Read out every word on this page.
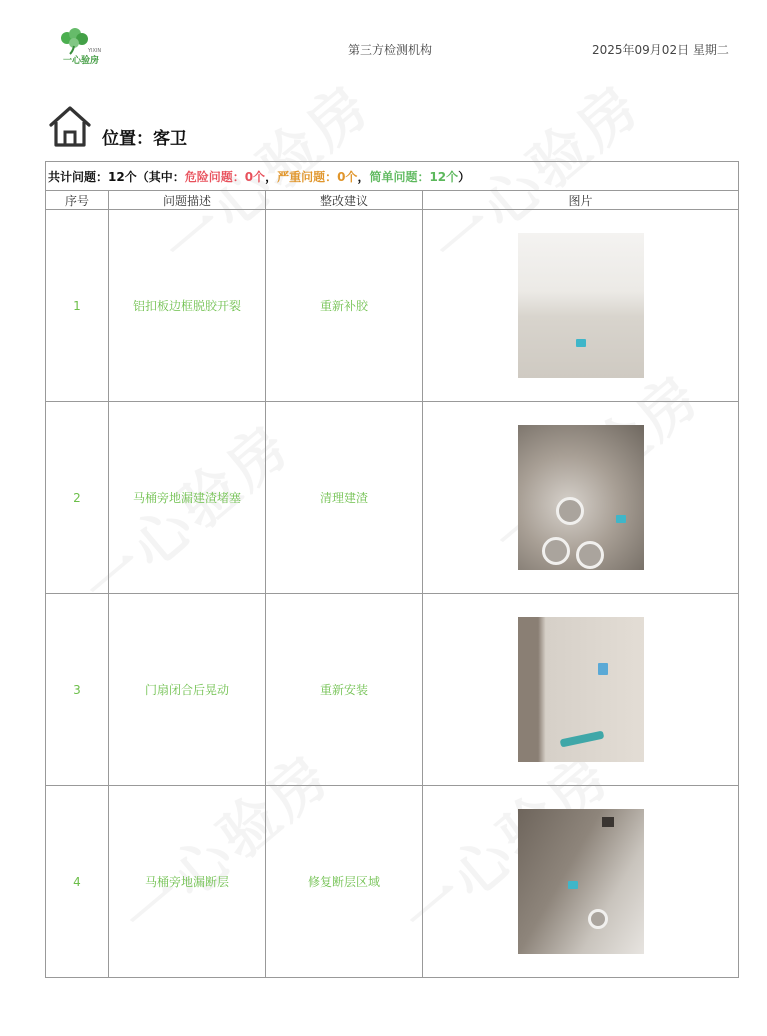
YIXIN
一心验房
第三方检测机构	2025年09月02日 星期二
位置：客卫
共计问题：12个（其中：危险问题：0个，严重问题：0个，简单问题：12个）			
序号	问题描述	整改建议	图片
1	铝扣板边框脱胶开裂	重新补胶	

2	马桶旁地漏建渣堵塞	清理建渣	

3	门扇闭合后晃动	重新安装	

4	马桶旁地漏断层	修复断层区域	
